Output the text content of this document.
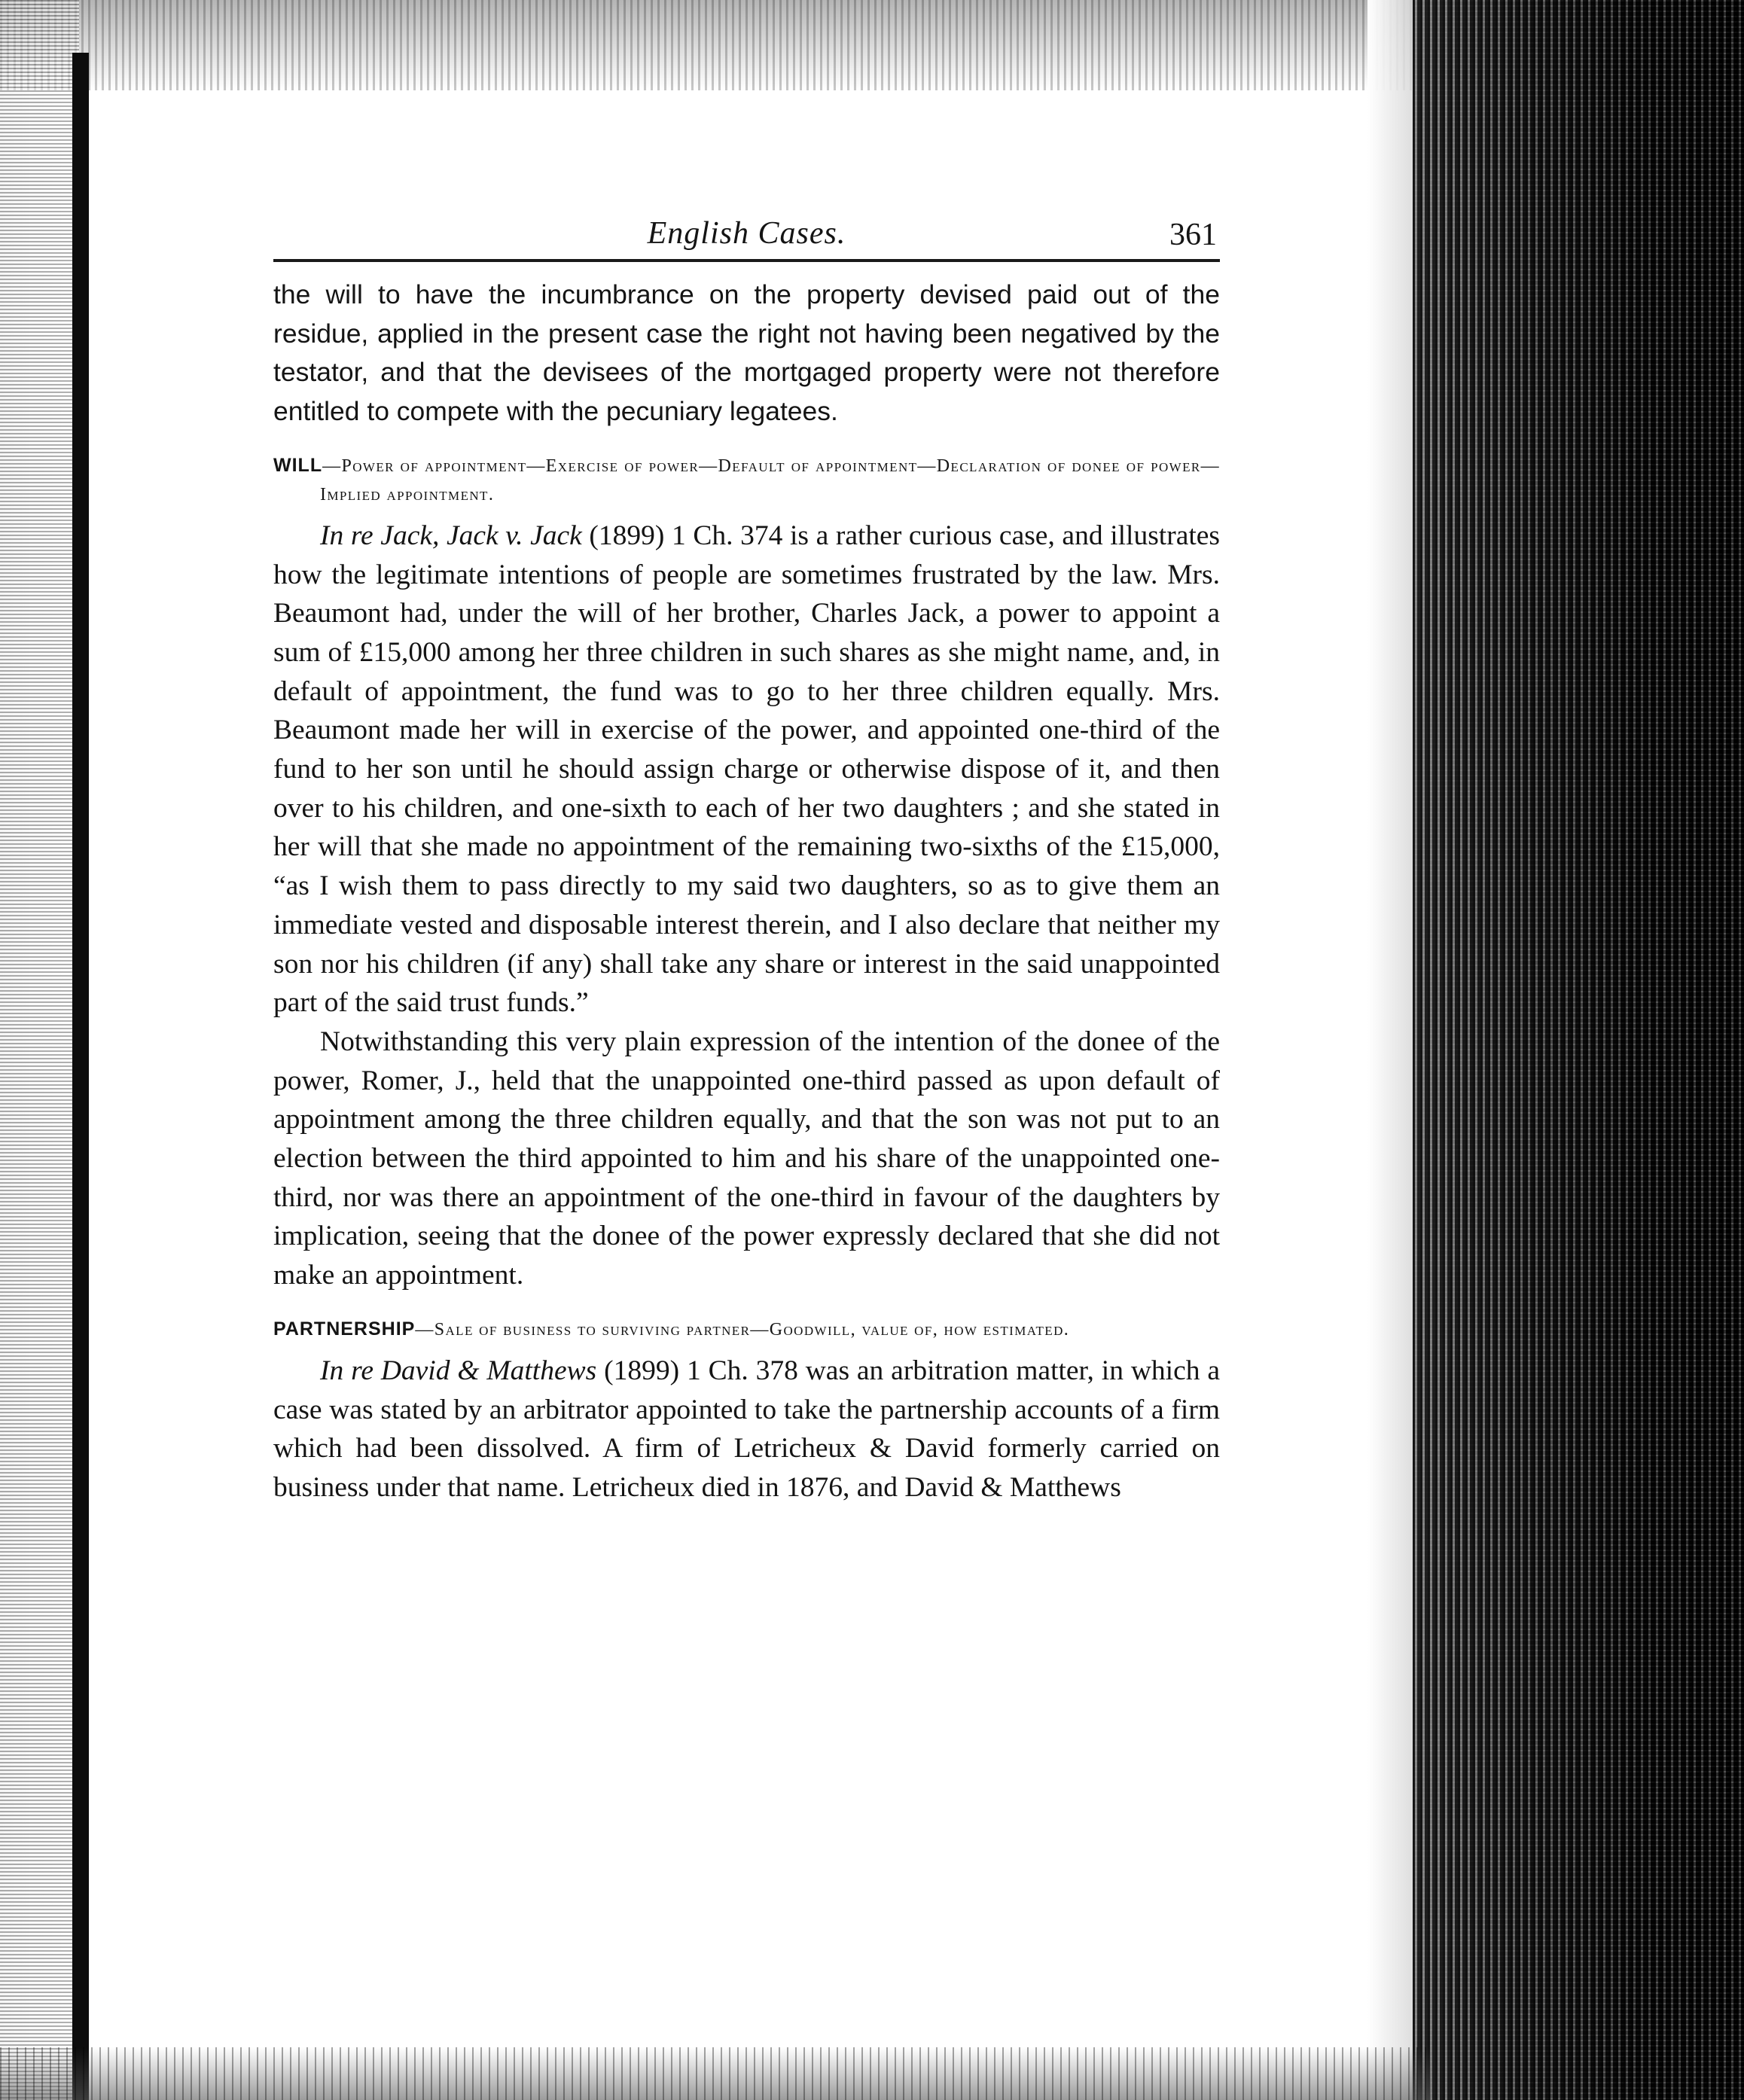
English Cases.	361

the will to have the incumbrance on the property devised paid out of the residue, applied in the present case the right not having been negatived by the testator, and that the devisees of the mortgaged property were not therefore entitled to compete with the pecuniary legatees.

WILL—Power of appointment—Exercise of power—Default of appointment—Declaration of donee of power—Implied appointment.

In re Jack, Jack v. Jack (1899) 1 Ch. 374 is a rather curious case, and illustrates how the legitimate intentions of people are sometimes frustrated by the law. Mrs. Beaumont had, under the will of her brother, Charles Jack, a power to appoint a sum of £15,000 among her three children in such shares as she might name, and, in default of appointment, the fund was to go to her three children equally. Mrs. Beaumont made her will in exercise of the power, and appointed one-third of the fund to her son until he should assign charge or otherwise dispose of it, and then over to his children, and one-sixth to each of her two daughters ; and she stated in her will that she made no appointment of the remaining two-sixths of the £15,000, “as I wish them to pass directly to my said two daughters, so as to give them an immediate vested and disposable interest therein, and I also declare that neither my son nor his children (if any) shall take any share or interest in the said unappointed part of the said trust funds.”

Notwithstanding this very plain expression of the intention of the donee of the power, Romer, J., held that the unappointed one-third passed as upon default of appointment among the three children equally, and that the son was not put to an election between the third appointed to him and his share of the unappointed one-third, nor was there an appointment of the one-third in favour of the daughters by implication, seeing that the donee of the power expressly declared that she did not make an appointment.

PARTNERSHIP—Sale of business to surviving partner—Goodwill, value of, how estimated.

In re David & Matthews (1899) 1 Ch. 378 was an arbitration matter, in which a case was stated by an arbitrator appointed to take the partnership accounts of a firm which had been dissolved. A firm of Letricheux & David formerly carried on business under that name. Letricheux died in 1876, and David & Matthews
